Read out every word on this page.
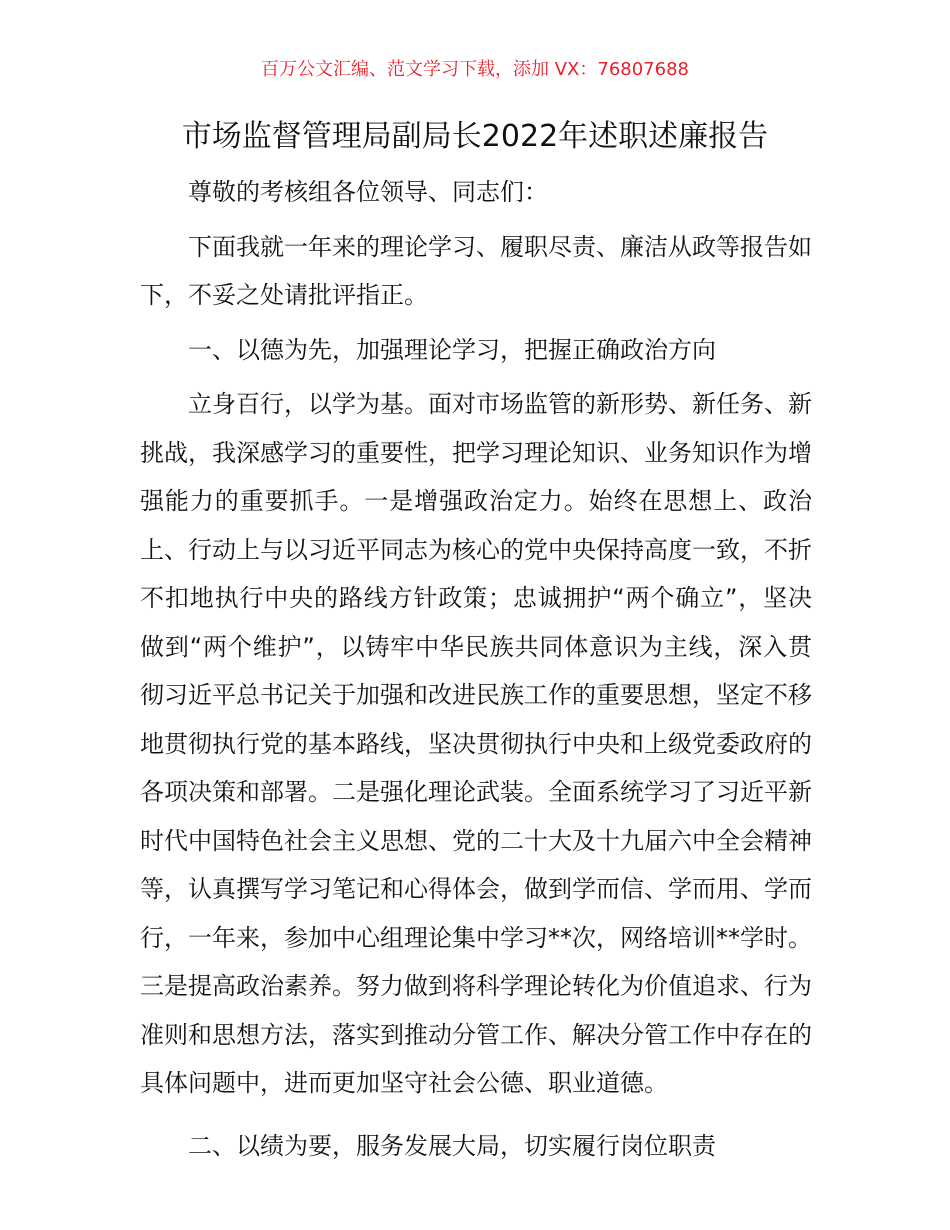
百万公文汇编、范文学习下载，添加 VX：76807688
市场监督管理局副局长2022年述职述廉报告

尊敬的考核组各位领导、同志们：

下面我就一年来的理论学习、履职尽责、廉洁从政等报告如下，不妥之处请批评指正。

一、以德为先，加强理论学习，把握正确政治方向

立身百行，以学为基。面对市场监管的新形势、新任务、新挑战，我深感学习的重要性，把学习理论知识、业务知识作为增强能力的重要抓手。一是增强政治定力。始终在思想上、政治上、行动上与以习近平同志为核心的党中央保持高度一致，不折不扣地执行中央的路线方针政策；忠诚拥护“两个确立”，坚决做到“两个维护”，以铸牢中华民族共同体意识为主线，深入贯彻习近平总书记关于加强和改进民族工作的重要思想，坚定不移地贯彻执行党的基本路线，坚决贯彻执行中央和上级党委政府的各项决策和部署。二是强化理论武装。全面系统学习了习近平新时代中国特色社会主义思想、党的二十大及十九届六中全会精神等，认真撰写学习笔记和心得体会，做到学而信、学而用、学而行，一年来，参加中心组理论集中学习**次，网络培训**学时。三是提高政治素养。努力做到将科学理论转化为价值追求、行为准则和思想方法，落实到推动分管工作、解决分管工作中存在的具体问题中，进而更加坚守社会公德、职业道德。

二、以绩为要，服务发展大局，切实履行岗位职责
